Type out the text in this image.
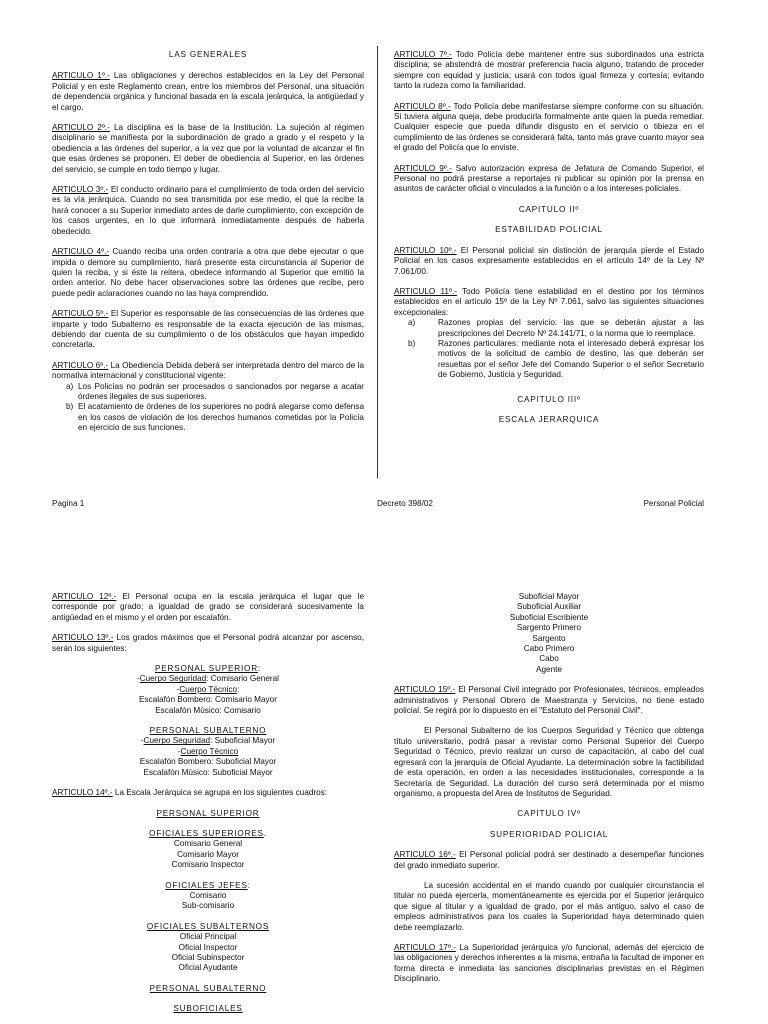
LAS GENERALES

ARTICULO 1º.- Las obligaciones y derechos establecidos en la Ley del Personal Policial y en este Reglamento crean, entre los miembros del Personal, una situación de dependencia orgánica y funcional basada en la escala jerárquica, la antigüedad y el cargo.

ARTICULO 2º.- La disciplina es la base de la Institución. La sujeción al régimen disciplinario se manifiesta por la subordinación de grado a grado y el respeto y la obediencia a las órdenes del superior, a la vez que por la voluntad de alcanzar el fin que esas órdenes se proponen. El deber de obediencia al Superior, en las órdenes del servicio, se cumple en todo tiempo y lugar.

ARTICULO 3º.- El conducto ordinario para el cumplimiento de toda orden del servicio es la vía jerárquica. Cuando no sea transmitida por ese medio, el que la recibe la hará conocer a su Superior inmediato antes de darle cumplimiento, con excepción de los casos urgentes, en lo que informará inmediatamente después de haberla obedecido.

ARTICULO 4º.- Cuando reciba una orden contraria a otra que debe ejecutar o que impida o demore su cumplimiento, hará presente esta circunstancia al Superior de quien la reciba, y si éste la reitera, obedece informando al Superior que emitió la orden anterior. No debe hacer observaciones sobre las órdenes que recibe, pero puede pedir aclaraciones cuando no las haya comprendido.

ARTICULO 5º.- El Superior es responsable de las consecuencias de las órdenes que imparte y todo Subalterno es responsable de la exacta ejecución de las mismas, debiendo dar cuenta de su cumplimiento o de los obstáculos que hayan impedido concretarla.

ARTICULO 6º.- La Obediencia Debida deberá ser interpretada dentro del marco de la normativa internacional y constitucional vigente:

a) Los Policías no podrán ser procesados o sancionados por negarse a acatar órdenes ilegales de sus superiores.
b) El acatamiento de órdenes de los superiores no podrá alegarse como defensa en los casos de violación de los derechos humanos cometidas por la Policía en ejercicio de sus funciones.

ARTICULO 7º.- Todo Policía debe mantener entre sus subordinados una estricta disciplina; se abstendrá de mostrar preferencia hacia alguno, tratando de proceder siempre con equidad y justicia; usará con todos igual firmeza y cortesía; evitando tanto la rudeza como la familiaridad.

ARTICULO 8º.- Todo Policía debe manifestarse siempre conforme con su situación. Si tuviera alguna queja, debe producirla formalmente ante quien la pueda remediar. Cualquier especie que pueda difundir disgusto en el servicio o tibieza en el cumplimiento de las órdenes se considerará falta, tanto más grave cuanto mayor sea el grado del Policía que lo enviste.

ARTICULO 9º.- Salvo autorización expresa de Jefatura de Comando Superior, el Personal no podrá prestarse a reportajes ni publicar su opinión por la prensa en asuntos de carácter oficial o vinculados a la función o a los intereses policiales.

CAPITULO IIº
ESTABILIDAD POLICIAL

ARTICULO 10º.- El Personal policial sin distinción de jerarquía pierde el Estado Policial en los casos expresamente establecidos en el artículo 14º de la Ley Nº 7.061/00.

ARTICULO 11º.- Todo Policía tiene estabilidad en el destino por los términos establecidos en el artículo 15º de la Ley Nº 7.061, salvo las siguientes situaciones excepcionales:

a)	Razones propias del servicio: las que se deberán ajustar a las prescripciones del Decreto Nº 24.141/71, o la norma que lo reemplace.
b)	Razones particulares: mediante nota el interesado deberá expresar los motivos de la solicitud de cambio de destino, las que deberán ser resueltas por el señor Jefe del Comando Superior o el señor Secretario de Gobierno, Justicia y Seguridad.
CAPITULO IIIº
ESCALA JERARQUICA
Pagina 1	Decreto 398/02	Personal Policial

ARTICULO 12º.- El Personal ocupa en la escala jerárquica el lugar que le corresponde por grado; a igualdad de grado se considerará sucesivamente la antigüedad en el mismo y el orden por escalafón.

ARTICULO 13º.- Los grados máximos que el Personal podrá alcanzar por ascenso, serán los siguientes:

PERSONAL SUPERIOR:
-Cuerpo Seguridad: Comisario General
-Cuerpo Técnico:
Escalafón Bombero: Comisario Mayor
Escalafón Músico: Comisario
PERSONAL SUBALTERNO
-Cuerpo Seguridad: Suboficial Mayor
-Cuerpo Técnico
Escalafón Bombero: Suboficial Mayor
Escalafón Músico: Suboficial Mayor

ARTICULO 14º.- La Escala Jerárquica se agrupa en los siguientes cuadros:

PERSONAL SUPERIOR
OFICIALES SUPERIORES.
Comisario General
Comisario Mayor
Comisario Inspector
OFICIALES JEFES:
Comisario
Sub-comisario
OFICIALES SUBALTERNOS
Oficial Principal
Oficial Inspector
Oficial Subinspector
Oficial Ayudante
PERSONAL SUBALTERNO
SUBOFICIALES
Suboficial Mayor
Suboficial Auxiliar
Suboficial Escribiente
Sargento Primero
Sargento
Cabo Primero
Cabo
Agente

ARTICULO 15º.- El Personal Civil integrado por Profesionales, técnicos, empleados administrativos y Personal Obrero de Maestranza y Servicios, no tiene estado policial. Se regirá por lo dispuesto en el "Estatuto del Personal Civil".

El Personal Subalterno de los Cuerpos Seguridad y Técnico que obtenga título universitario, podrá pasar a revistar como Personal Superior del Cuerpo Seguridad o Técnico, previo realizar un curso de capacitación, al cabo del cual egresará con la jerarquía de Oficial Ayudante. La determinación sobre la factibilidad de esta operación, en orden a las necesidades institucionales, corresponde a la Secretaría de Seguridad. La duración del curso será determinada por el mismo organismo, a propuesta del Area de Institutos de Seguridad.

CAPITULO IVº
SUPERIORIDAD POLICIAL

ARTICULO 16º.- El Personal policial podrá ser destinado a desempeñar funciones del grado inmediato superior.

La sucesión accidental en el mando cuando por cualquier circunstancia el titular no pueda ejercerla, momentáneamente es ejercida por el Superior jerárquico que sigue al titular y a igualdad de grado, por el más antiguo, salvo el caso de empleos administrativos para los cuales la Superioridad haya determinado quien debe reemplazarlo.

ARTICULO 17º.- La Superioridad jerárquica y/o funcional, además del ejercicio de las obligaciones y derechos inherentes a la misma, entraña la facultad de imponer en forma directa e inmediata las sanciones disciplinarias previstas en el Régimen Disciplinario.
